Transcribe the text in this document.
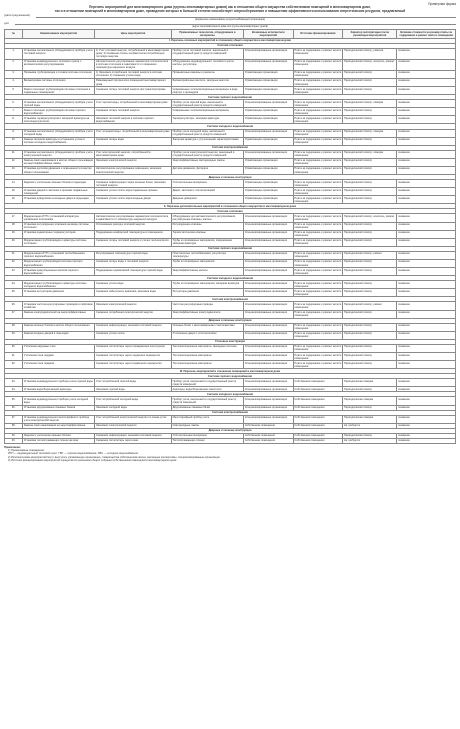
Примерная форма
Перечень мероприятий для многоквартирного дома (группы многоквартирных домов) как в отношении общего имущества собственников помещений в многоквартирном доме,
так и в отношении помещений в многоквартирном доме, проведение которых в большей степени способствует энергосбережению и повышению эффективности использования энергетических ресурсов, предлагаемый
(дата предложения)
(фирменное наименование ресурсоснабжающей организации)
для
(адрес многоквартирного дома или группы многоквартирных домов)
№	Наименование мероприятия	Цель мероприятия	Применяемые технологии, оборудование и материалы	Возможные исполнители мероприятий	Источник финансирования	Характер эксплуатации после реализации мероприятия	Влияние стоимости на размер платы за содержание и ремонт жилого помещения
I. Перечень основных мероприятий в отношении общего имущества в многоквартирном доме							
Система отопления							
1.	Установка коллективного (общедомового) прибора учета тепловой энергии	1) Учет тепловой энергии, потребленной в многоквартирном доме; 2) Снижение оплаты за фактически потребленную тепловую энергию	Прибор учета тепловой энергии, внесенный в государственный реестр средств измерений	Специализированные организации	Плата за содержание и ремонт жилого помещения	Периодический осмотр, ревизия	снижение
2.	Установка индивидуального теплового пункта с автоматическим регулированием	Автоматическое регулирование параметров теплоносителя в системе отопления в зависимости от изменения температуры наружного воздуха	Оборудование индивидуального теплового пункта, насосы, регуляторы	Специализированные организации	Плата за содержание и ремонт жилого помещения	Периодический осмотр, контроль, ремонт	снижение
3.	Промывка трубопроводов и стояков системы отопления	1) Экономия потребления тепловой энергии в системе отопления; 2) Снижение утечек воды	Промывочные машины и реагенты	Управляющая организация	Плата за содержание и ремонт жилого помещения	Периодический осмотр	снижение
4.	Балансировка системы отопления	Равномерный прогрев всех помещений многоквартирного дома	Балансировочные вентили, запорные вентили	Управляющая организация	Плата за содержание и ремонт жилого помещения	Периодический осмотр	снижение
5.	Ремонт изоляции трубопроводов системы отопления в подвальных помещениях	Снижение потерь тепловой энергии при транспортировке	Современные теплоизоляционные материалы в виде скорлуп и цилиндров	Управляющая организация	Плата за содержание и ремонт жилого помещения	Периодический осмотр	снижение
Система горячего водоснабжения							
6.	Установка коллективного (общедомового) прибора учета горячей воды	Учет горячей воды, потребленной в многоквартирном доме	Прибор учета горячей воды, внесенный в государственный реестр средств измерений	Специализированные организации	Плата за содержание и ремонт жилого помещения	Периодический осмотр, поверка	снижение
7.	Ремонт изоляции трубопроводов системы горячего водоснабжения	Снижение потерь тепловой энергии	Современные теплоизоляционные материалы	Управляющая организация	Плата за содержание и ремонт жилого помещения	Периодический осмотр	снижение
8.	Установка терморегуляторов и запорной арматуры на полотенцесушителях	Экономия тепловой энергии в системе горячего водоснабжения	Терморегуляторы, запорная арматура	Управляющая организация	Плата за содержание и ремонт жилого помещения	Периодический осмотр	снижение
Система холодного водоснабжения							
9.	Установка коллективного (общедомового) прибора учета холодной воды	Учет холодной воды, потребленной в многоквартирном доме	Прибор учета холодной воды, внесенный в государственный реестр средств измерений	Специализированные организации	Плата за содержание и ремонт жилого помещения	Периодический осмотр, поверка	снижение
10.	Замена запорной арматуры и устранение утечек в системе холодного водоснабжения	Снижение потерь воды	Запорная арматура с улучшенными характеристиками	Управляющая организация	Плата за содержание и ремонт жилого помещения	Периодический осмотр	снижение
Система электроснабжения							
11.	Установка коллективного (общедомового) прибора учета электрической энергии	Учет электрической энергии, потребленной в многоквартирном доме	Прибор учета электрической энергии, внесенный в государственный реестр средств измерений	Специализированные организации	Плата за содержание и ремонт жилого помещения	Периодический осмотр, поверка	снижение
12.	Замена ламп накаливания в местах общего пользования на энергоэффективные лампы	Экономия электрической энергии	Энергоэффективные светодиодные лампы	Управляющая организация	Плата за содержание и ремонт жилого помещения	Периодический осмотр	снижение
13.	Установка датчиков движения и освещенности в местах общего пользования	Автоматическое регулирование освещения, экономия электрической энергии	Датчики движения, фотореле	Управляющая организация	Плата за содержание и ремонт жилого помещения	Периодический осмотр	снижение
Дверные и оконные конструкции							
14.	Заделка и уплотнение оконных блоков в подъездах	Снижение инфильтрации через оконные блоки, экономия тепловой энергии	Уплотнительные материалы	Управляющая организация	Плата за содержание и ремонт жилого помещения	Периодический осмотр	снижение
15.	Установка дверей и заслонок в проемах подвальных помещений	Снижение утечек тепла через подвальные проемы	Двери, заслонки с теплоизоляцией	Управляющая организация	Плата за содержание и ремонт жилого помещения	Периодический осмотр	снижение
16.	Установка доводчиков на входные двери в подъездах	Снижение утечек тепла через входные двери	Дверные доводчики	Управляющая организация	Плата за содержание и ремонт жилого помещения	Периодический осмотр	снижение
II. Перечень дополнительных мероприятий в отношении общего имущества в многоквартирном доме							
Система отопления							
17.	Модернизация ИТП с установкой аппаратуры управления отоплением	Автоматическое регулирование параметров теплоносителя в зависимости от температуры наружного воздуха	Оборудование для автоматического регулирования, регулирующие клапаны, насосы	Специализированные организации	Плата за содержание и ремонт жилого помещения	Периодический осмотр, контроль, ремонт	снижение
18.	Установка регулирующих клапанов на вводе системы отопления	Оптимизация расхода тепловой энергии	Регулирующие клапаны	Специализированные организации	Плата за содержание и ремонт жилого помещения	Периодический осмотр	снижение
19.	Установка радиаторных терморегуляторов	Поддержание комфортной температуры в помещениях	Термостатические клапаны	Специализированные организации	Плата за содержание и ремонт жилого помещения	Периодический осмотр	снижение
20.	Модернизация трубопроводов и арматуры системы отопления	Снижение потерь тепловой энергии и утечек теплоносителя	Трубы из полимерных материалов, современная запорная арматура	Специализированные организации	Плата за содержание и ремонт жилого помещения	Периодический осмотр	снижение
Система горячего водоснабжения							
21.	Модернизация ИТП с установкой теплообменника горячего водоснабжения	Регулирование температуры горячей воды	Пластинчатые теплообменники, регуляторы температуры	Специализированные организации	Плата за содержание и ремонт жилого помещения	Периодический осмотр, ремонт	снижение
22.	Модернизация трубопроводов системы горячего водоснабжения	Снижение потерь воды и тепловой энергии	Трубы из полимерных материалов	Специализированные организации	Плата за содержание и ремонт жилого помещения	Периодический осмотр	снижение
23.	Установка циркуляционных насосов горячего водоснабжения	Поддержание нормативной температуры горячей воды	Энергоэффективные насосы	Специализированные организации	Плата за содержание и ремонт жилого помещения	Периодический осмотр	снижение
Система холодного водоснабжения							
24.	Модернизация трубопроводов и арматуры системы холодного водоснабжения	Снижение утечек воды	Трубы из полимерных материалов, запорная арматура	Специализированные организации	Плата за содержание и ремонт жилого помещения	Периодический осмотр	снижение
25.	Установка регуляторов давления	Снижение избыточного давления, экономия воды	Регуляторы давления	Специализированные организации	Плата за содержание и ремонт жилого помещения	Периодический осмотр	снижение
Система электроснабжения							
26.	Установка частотно-регулируемых приводов в лифтовом хозяйстве	Экономия электрической энергии	Частотно-регулируемые приводы	Специализированные организации	Плата за содержание и ремонт жилого помещения	Периодический осмотр, ремонт	снижение
27.	Замена электродвигателей на энергоэффективные	Снижение потребления электрической энергии	Энергоэффективные электродвигатели	Специализированные организации	Плата за содержание и ремонт жилого помещения	Периодический осмотр	снижение
Дверные и оконные конструкции							
28.	Замена оконных блоков в местах общего пользования	Снижение инфильтрации, экономия тепловой энергии	Оконные блоки с многокамерными стеклопакетами	Специализированные организации	Плата за содержание и ремонт жилого помещения	Периодический осмотр	снижение
29.	Замена входных дверей в подъездах	Снижение утечек тепла	Утепленные двери с уплотнителями	Специализированные организации	Плата за содержание и ремонт жилого помещения	Периодический осмотр	снижение
Стеновые конструкции							
30.	Утепление наружных стен	Снижение теплопотерь через ограждающие конструкции	Теплоизоляционные материалы, фасадные системы	Специализированные организации	Плата за содержание и ремонт жилого помещения	Периодический осмотр	снижение
31.	Утепление пола чердака	Снижение теплопотерь через чердачное перекрытие	Теплоизоляционные материалы	Специализированные организации	Плата за содержание и ремонт жилого помещения	Периодический осмотр	снижение
32.	Утепление пола подвала	Снижение теплопотерь через подвальное перекрытие	Теплоизоляционные материалы	Специализированные организации	Плата за содержание и ремонт жилого помещения	Периодический осмотр	снижение
III. Перечень мероприятий в отношении помещений в многоквартирном доме							
Система горячего водоснабжения							
33.	Установка индивидуального прибора учета горячей воды	Учет потребленной горячей воды	Прибор учета, внесенный в государственный реестр средств измерений	Специализированные организации	Собственник помещения	Периодическая поверка	снижение
34.	Установка водосберегающей арматуры	Экономия горячей воды	Аэраторы, водосберегающие смесители	Специализированные организации	Собственник помещения	Периодический осмотр	снижение
Система холодного водоснабжения							
35.	Установка индивидуального прибора учета холодной воды	Учет потребленной холодной воды	Прибор учета, внесенный в государственный реестр средств измерений	Специализированные организации	Собственник помещения	Периодическая поверка	снижение
36.	Установка двухрежимных смывных бачков	Экономия холодной воды	Двухрежимные смывные бачки	Специализированные организации	Собственник помещения	Периодический осмотр	снижение
Система электроснабжения							
37.	Установка индивидуального многотарифного прибора учета электрической энергии	Учет потребленной электрической энергии по зонам суток	Многотарифный прибор учета	Специализированные организации	Собственник помещения	Периодическая поверка	снижение
38.	Замена ламп накаливания на энергоэффективные	Экономия электрической энергии	Светодиодные лампы	Собственник помещения	Собственник помещения	Не требуется	снижение
Дверные и оконные конструкции							
39.	Заделка и уплотнение оконных блоков	Снижение инфильтрации, экономия тепловой энергии	Уплотнительные материалы	Собственник помещения	Собственник помещения	Периодический осмотр	снижение
40.	Установка теплоотражающих пленок на окна	Снижение теплопотерь через окна	Теплоотражающие пленки	Собственник помещения	Собственник помещения	Не требуется	снижение
Примечание:
1) Применяемые сокращения:
ИТП — индивидуальный тепловой пункт; ГВС — горячее водоснабжение; ХВС — холодное водоснабжение.
2) Исполнителями мероприятий могут выступать управляющие организации, товарищества собственников жилья, жилищные кооперативы, специализированные организации.
3) Источник финансирования мероприятий определяется решением общего собрания собственников помещений в многоквартирном доме.
